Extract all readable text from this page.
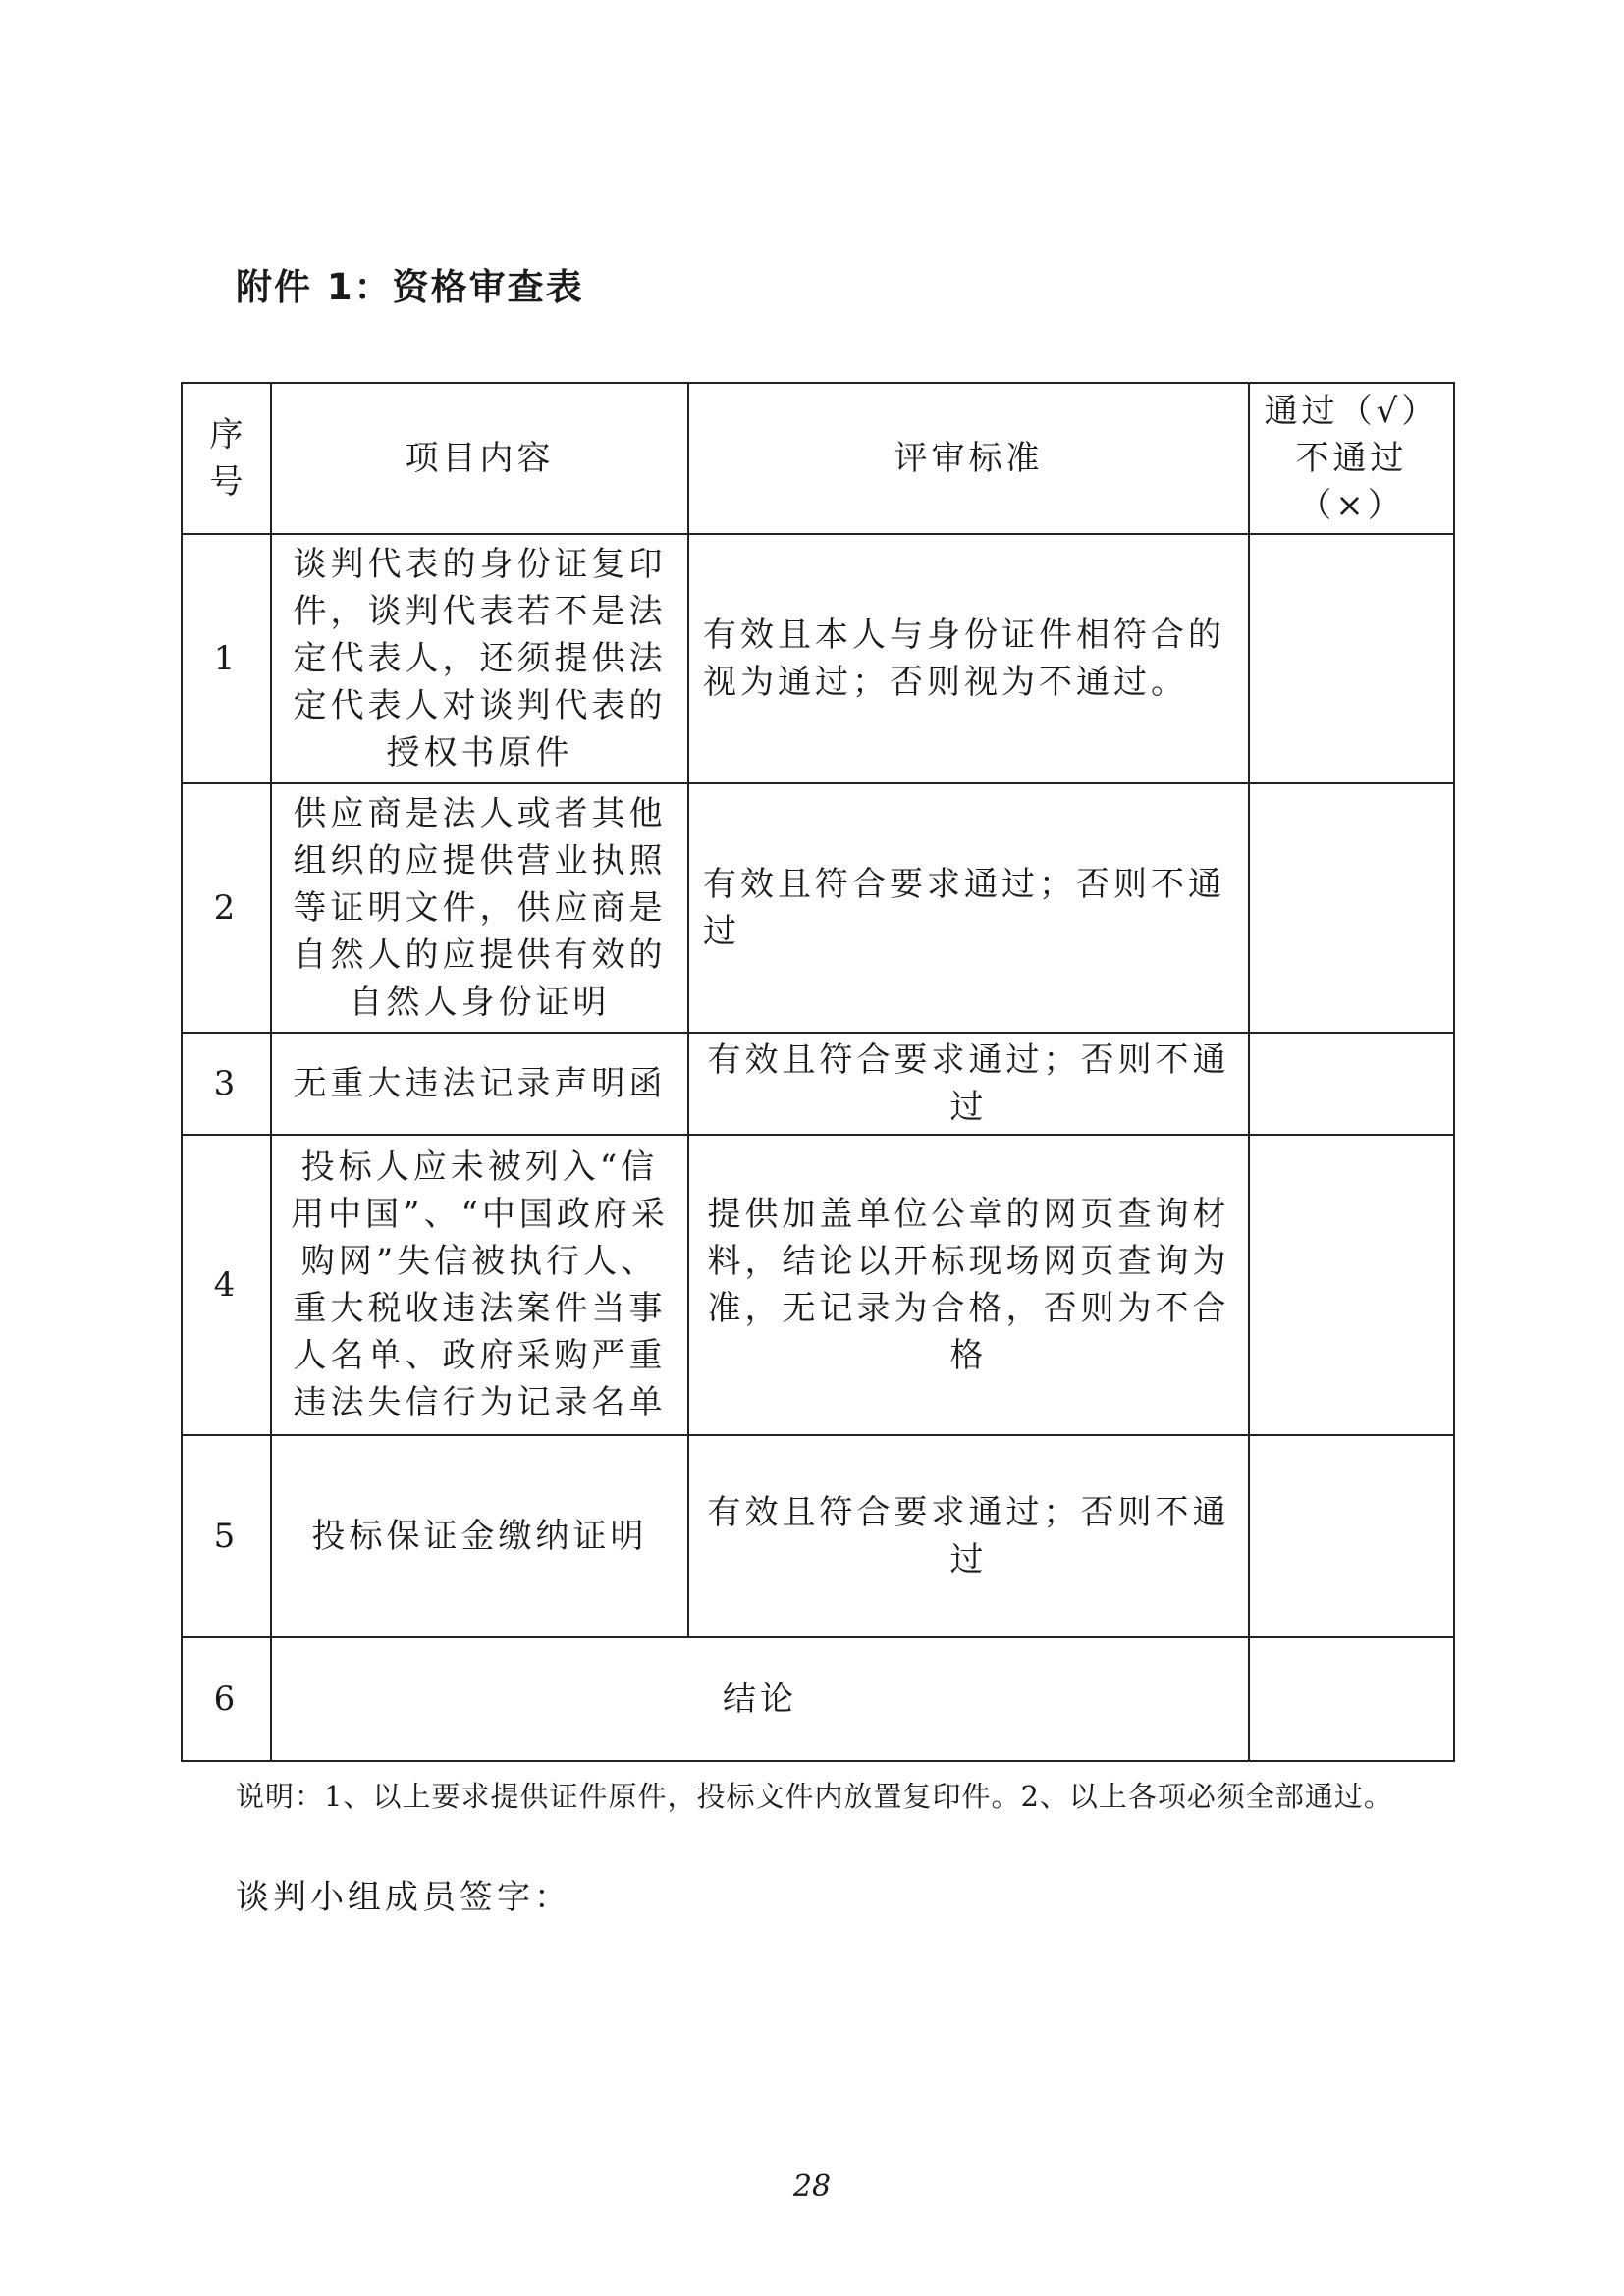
附件 1：资格审查表
序号	项目内容	评审标准	通过（√）
不通过
（×）

1	谈判代表的身份证复印件，谈判代表若不是法定代表人，还须提供法定代表人对谈判代表的授权书原件	有效且本人与身份证件相符合的视为通过；否则视为不通过。	
2	供应商是法人或者其他组织的应提供营业执照等证明文件，供应商是自然人的应提供有效的自然人身份证明	有效且符合要求通过；否则不通过	
3	无重大违法记录声明函	有效且符合要求通过；否则不通过	
4	投标人应未被列入“信用中国”、“中国政府采购网”失信被执行人、重大税收违法案件当事人名单、政府采购严重违法失信行为记录名单	提供加盖单位公章的网页查询材料，结论以开标现场网页查询为准，无记录为合格，否则为不合格	
5	投标保证金缴纳证明	有效且符合要求通过；否则不通过	
6	结论		
说明：1、以上要求提供证件原件，投标文件内放置复印件。2、以上各项必须全部通过。
谈判小组成员签字：
28
